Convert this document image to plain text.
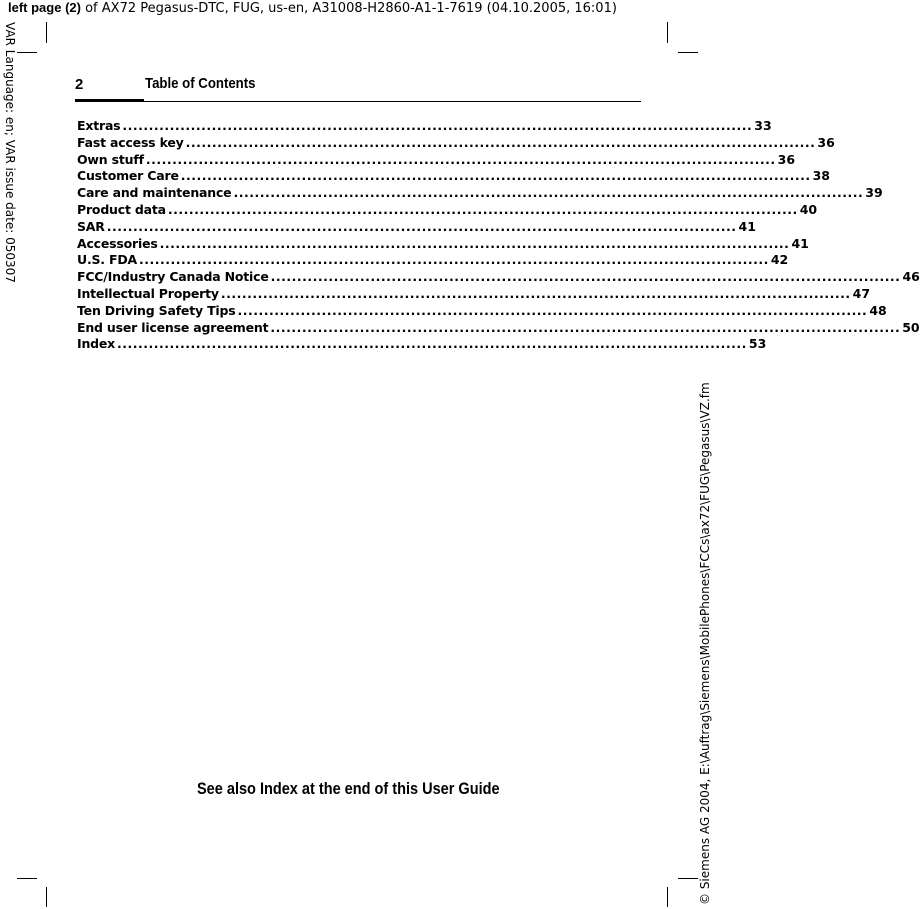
left page (2) of AX72 Pegasus-DTC, FUG, us-en, A31008-H2860-A1-1-7619 (04.10.2005, 16:01)
VAR Language: en; VAR issue date: 050307
© Siemens AG 2004, E:\Auftrag\Siemens\MobilePhones\FCCs\ax72\FUG\Pegasus\VZ.fm
2	Table of Contents
Extras ........................................................................................................................ 33
Fast access key ........................................................................................................................ 36
Own stuff ........................................................................................................................ 36
Customer Care ........................................................................................................................ 38
Care and maintenance ........................................................................................................................ 39
Product data ........................................................................................................................ 40
SAR ........................................................................................................................ 41
Accessories ........................................................................................................................ 41
U.S. FDA ........................................................................................................................ 42
FCC/Industry Canada Notice ........................................................................................................................ 46
Intellectual Property ........................................................................................................................ 47
Ten Driving Safety Tips ........................................................................................................................ 48
End user license agreement ........................................................................................................................ 50
Index ........................................................................................................................ 53
See also Index at the end of this User Guide
